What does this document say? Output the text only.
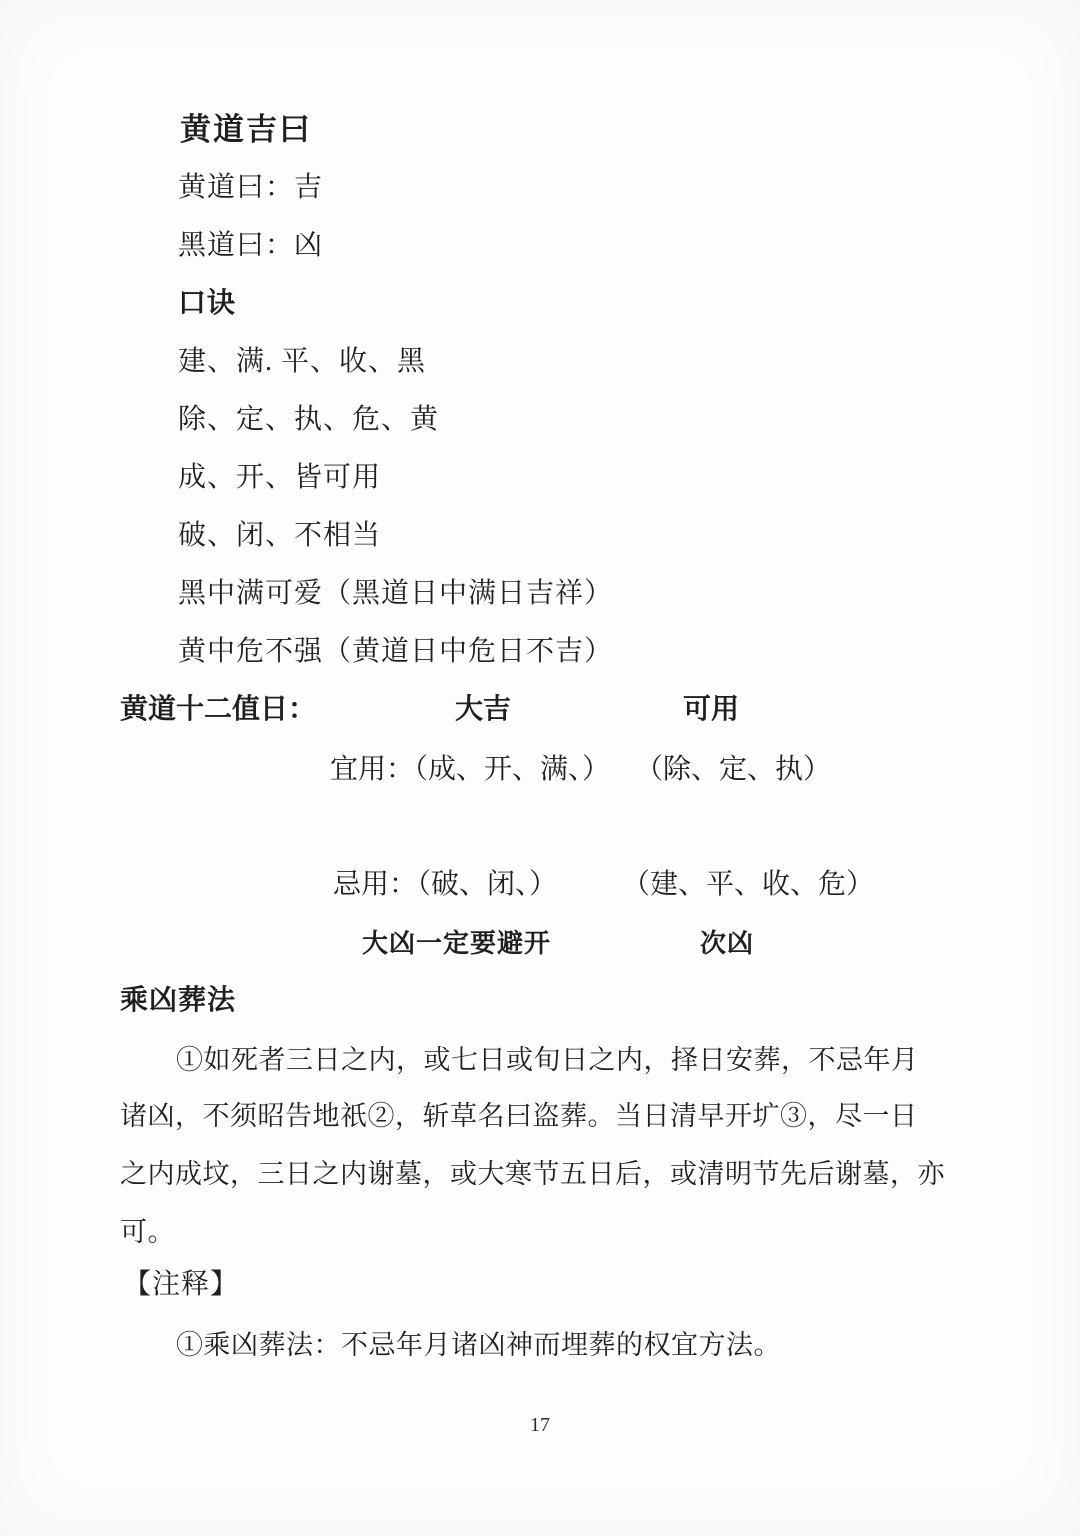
黄道吉曰
黄道曰：吉
黑道曰：凶
口诀
建、满. 平、收、黑
除、定、执、危、黄
成、开、皆可用
破、闭、不相当
黑中满可爱（黑道日中满日吉祥）
黄中危不强（黄道日中危日不吉）
黄道十二值日：	大吉	可用
宜用：（成、开、满、） （除、定、执）
忌用：（破、闭、） （建、平、收、危）
大凶一定要避开	次凶
乘凶葬法
①如死者三日之内，或七日或旬日之内，择日安葬，不忌年月
诸凶，不须昭告地祇②，斩草名曰盗葬。当日清早开圹③，尽一日
之内成坟，三日之内谢墓，或大寒节五日后，或清明节先后谢墓，亦
可。
【注释】
①乘凶葬法：不忌年月诸凶神而埋葬的权宜方法。
17
